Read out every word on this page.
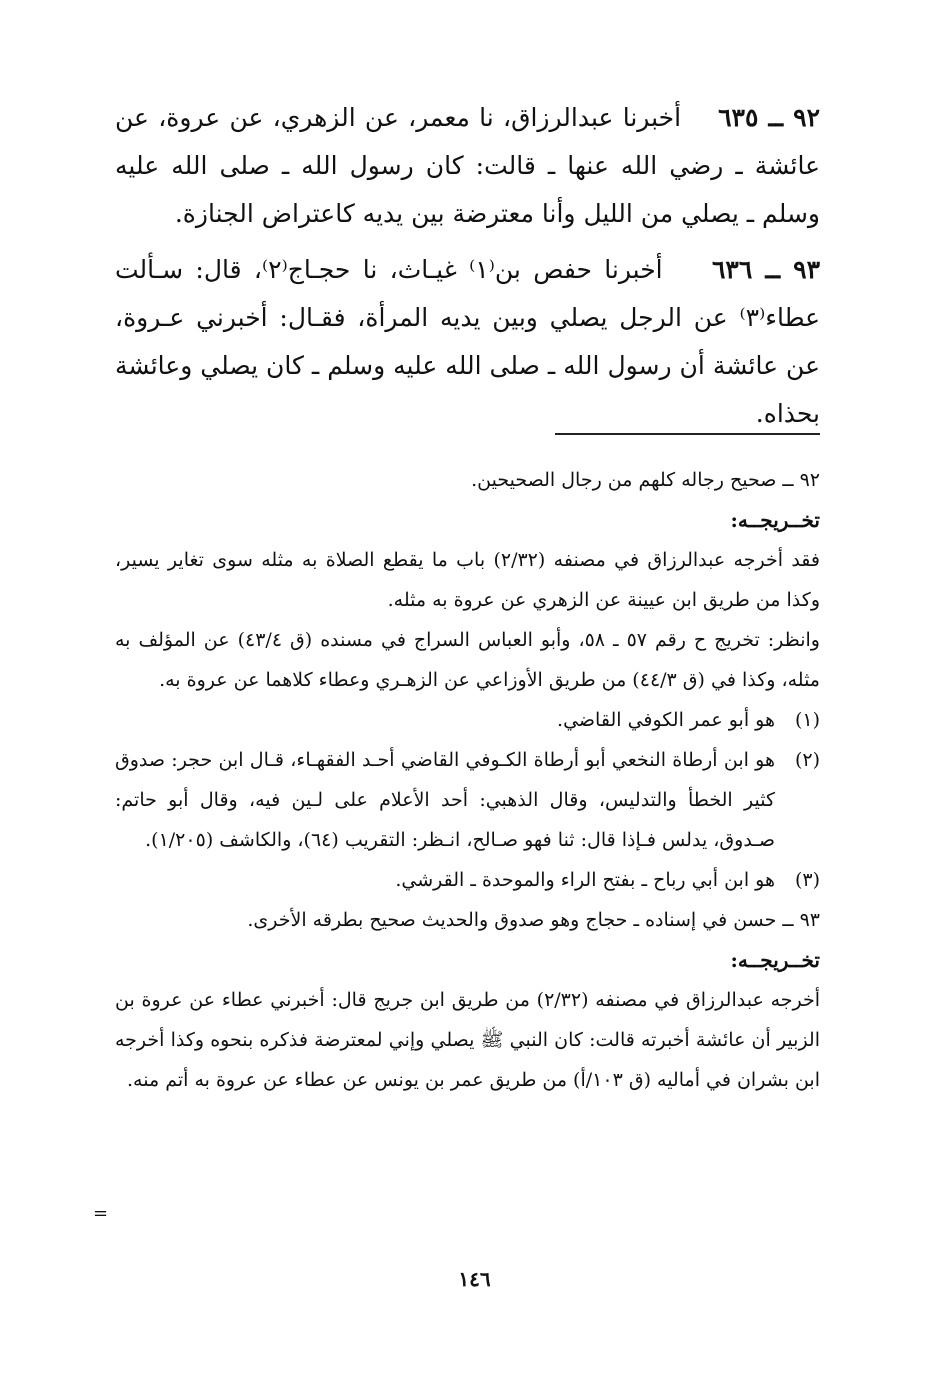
٩٢ ــ ٦٣٥    أخبرنا عبدالرزاق، نا معمر، عن الزهري، عن عروة، عن عائشة ـ رضي الله عنها ـ قالت: كان رسول الله ـ صلى الله عليه وسلم ـ يصلي من الليل وأنا معترضة بين يديه كاعتراض الجنازة.
٩٣ ــ ٦٣٦    أخبرنا حفص بن⁽١⁾ غيـاث، نا حجـاج⁽٢⁾، قال: سـألت عطاء⁽٣⁾ عن الرجل يصلي وبين يديه المرأة، فقـال: أخبرني عـروة، عن عائشة أن رسول الله ـ صلى الله عليه وسلم ـ كان يصلي وعائشة بحذاه.
٩٢ ــ صحيح رجاله كلهم من رجال الصحيحين.
تخــريجــه:
فقد أخرجه عبدالرزاق في مصنفه (٢/٣٢) باب ما يقطع الصلاة به مثله سوى تغاير يسير، وكذا من طريق ابن عيينة عن الزهري عن عروة به مثله.
وانظر: تخريج ح رقم ٥٧ ـ ٥٨، وأبو العباس السراج في مسنده (ق ٤٣/٤) عن المؤلف به مثله، وكذا في (ق ٤٤/٣) من طريق الأوزاعي عن الزهـري وعطاء كلاهما عن عروة به.
(١)
هو أبو عمر الكوفي القاضي.
(٢)
هو ابن أرطاة النخعي أبو أرطاة الكـوفي القاضي أحـد الفقهـاء، قـال ابن حجر: صدوق كثير الخطأ والتدليس، وقال الذهبي: أحد الأعلام على لـين فيه، وقال أبو حاتم: صـدوق، يدلس فـإذا قال: ثنا فهو صـالح، انـظر: التقريب (٦٤)، والكاشف (١/٢٠٥).
(٣)
هو ابن أبي رباح ـ بفتح الراء والموحدة ـ القرشي.
٩٣ ــ حسن في إسناده ـ حجاج وهو صدوق والحديث صحيح بطرقه الأخرى.
تخــريجــه:
أخرجه عبدالرزاق في مصنفه (٢/٣٢) من طريق ابن جريج قال: أخبرني عطاء عن عروة بن الزبير أن عائشة أخبرته قالت: كان النبي ﷺ يصلي وإني لمعترضة فذكره بنحوه وكذا أخرجه ابن بشران في أماليه (ق ١٠٣/أ) من طريق عمر بن يونس عن عطاء عن عروة به أتم منه.
=
١٤٦
